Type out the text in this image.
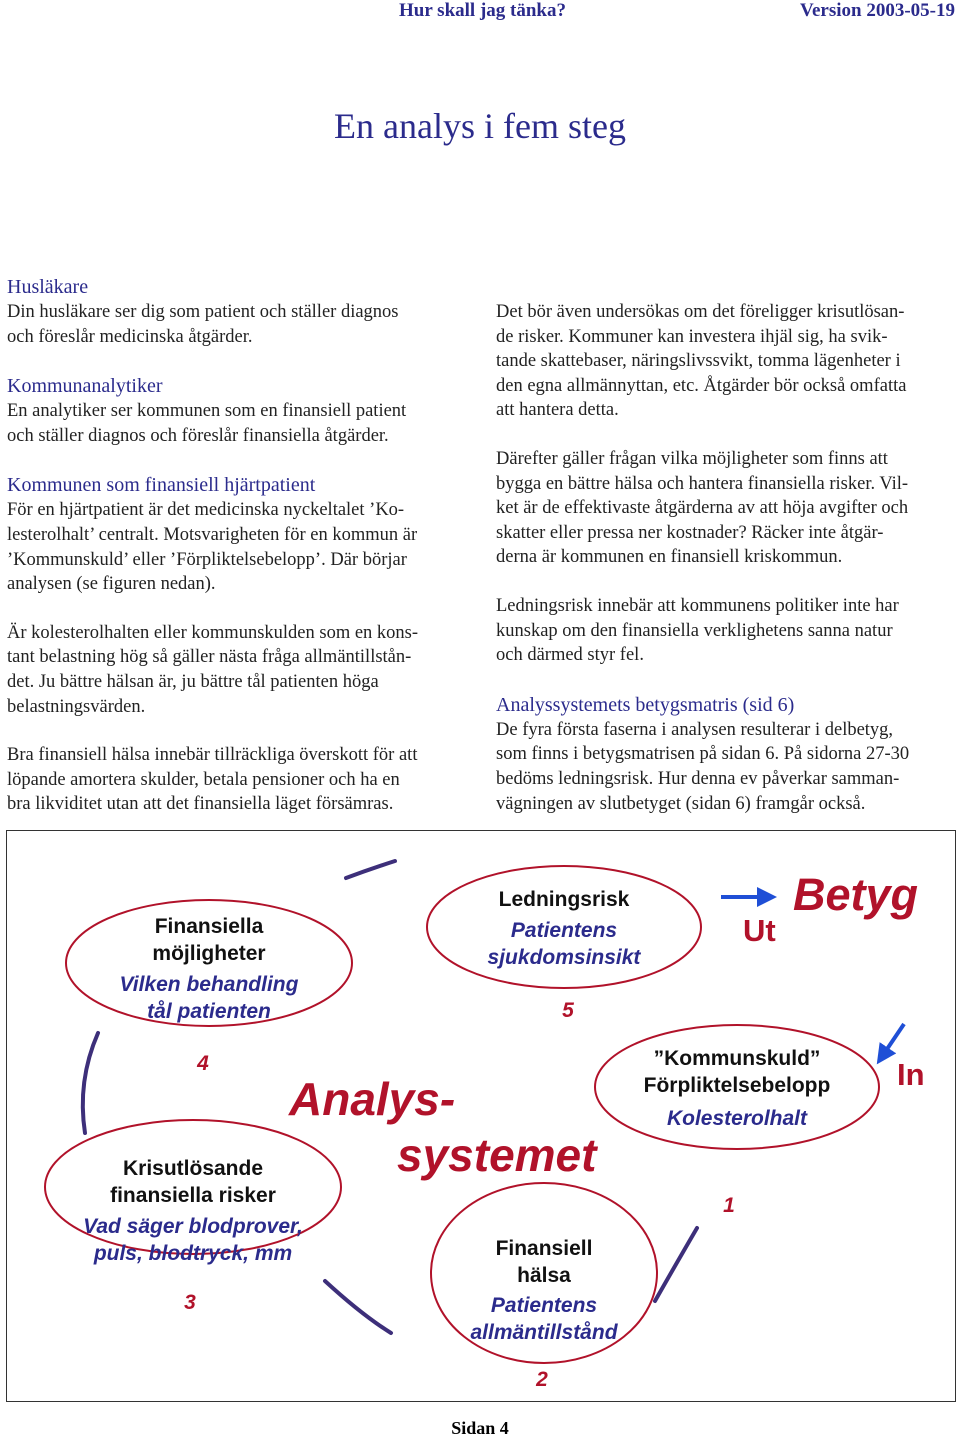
Hur skall jag tänka?	Version 2003-05-19
En analys i fem steg
Husläkare

Din husläkare ser dig som patient och ställer diagnos

och föreslår medicinska åtgärder.

Kommunanalytiker

En analytiker ser kommunen som en finansiell patient

och ställer diagnos och föreslår finansiella åtgärder.

Kommunen som finansiell hjärtpatient

För en hjärtpatient är det medicinska nyckeltalet ’Ko-

lesterolhalt’ centralt. Motsvarigheten för en kommun är

’Kommunskuld’ eller ’Förpliktelsebelopp’. Där börjar

analysen (se figuren nedan).

Är kolesterolhalten eller kommunskulden som en kons-

tant belastning hög så gäller nästa fråga allmäntillstån-

det. Ju bättre hälsan är, ju bättre tål patienten höga

belastningsvärden.

Bra finansiell hälsa innebär tillräckliga överskott för att

löpande amortera skulder, betala pensioner och ha en

bra likviditet utan att det finansiella läget försämras.

Det bör även undersökas om det föreligger krisutlösan-

de risker. Kommuner kan investera ihjäl sig, ha svik-

tande skattebaser, näringslivssvikt, tomma lägenheter i

den egna allmännyttan, etc. Åtgärder bör också omfatta

att hantera detta.

Därefter gäller frågan vilka möjligheter som finns att

bygga en bättre hälsa och hantera finansiella risker. Vil-

ket är de effektivaste åtgärderna av att höja avgifter och

skatter eller pressa ner kostnader? Räcker inte åtgär-

derna är kommunen en finansiell kriskommun.

Ledningsrisk innebär att kommunens politiker inte har

kunskap om den finansiella verklighetens sanna natur

och därmed styr fel.

Analyssystemets betygsmatris (sid 6)

De fyra första faserna i analysen resulterar i delbetyg,

som finns i betygsmatrisen på sidan 6. På sidorna 27-30

bedöms ledningsrisk. Hur denna ev påverkar samman-

vägningen av slutbetyget (sidan 6) framgår också.

Analys-
systemet
Betyg
Ut
In
Finansiella
möjligheter
Vilken behandling
tål patienten
4
Ledningsrisk
Patientens
sjukdomsinsikt
5
”Kommunskuld”
Förpliktelsebelopp
Kolesterolhalt
1
Krisutlösande
finansiella risker
Vad säger blodprover,
puls, blodtryck, mm
3
Finansiell
hälsa
Patientens
allmäntillstånd
2
Sidan 4
